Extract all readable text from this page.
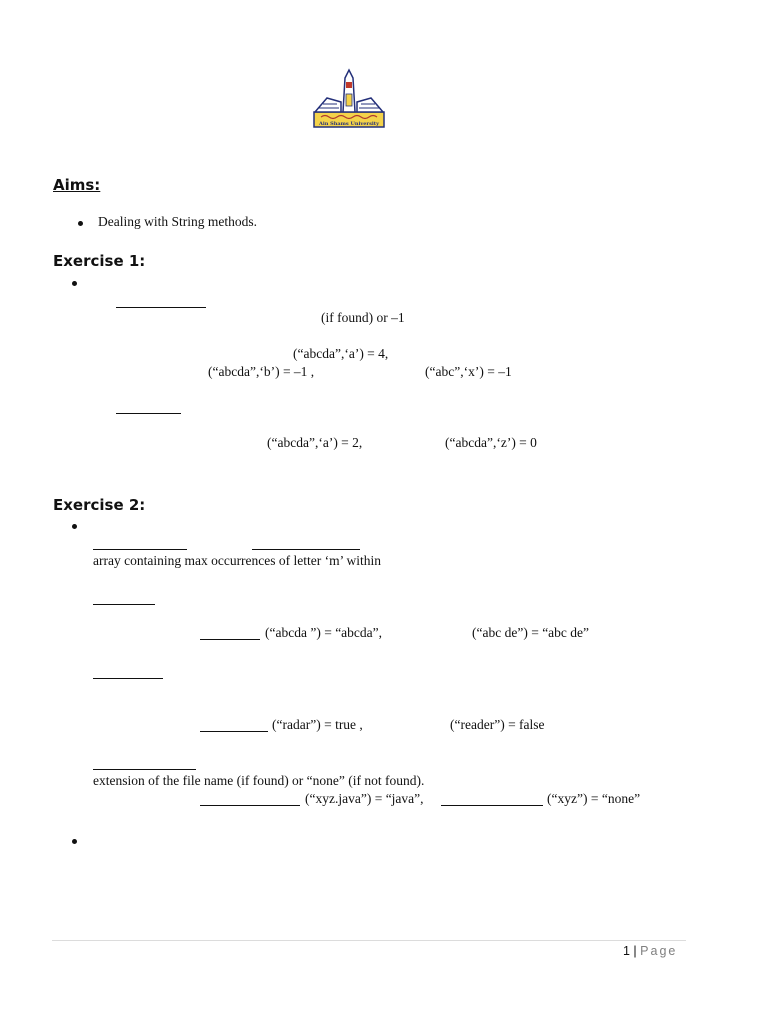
Ain Shams University
Aims:
Dealing with String methods.
Exercise 1:
(if found) or –1
(“abcda”,‘a’) = 4,
(“abcda”,‘b’) = –1 ,	(“abc”,‘x’) = –1
(“abcda”,‘a’) = 2,	(“abcda”,‘z’) = 0
Exercise 2:
array containing max occurrences of letter ‘m’ within
(“abcda ”) = “abcda”,	(“abc de”) = “abc de”
(“radar”) = true ,	(“reader”) = false
extension of the file name (if found) or “none” (if not found).
(“xyz.java”) = “java”,	(“xyz”) = “none”
1 | Page
